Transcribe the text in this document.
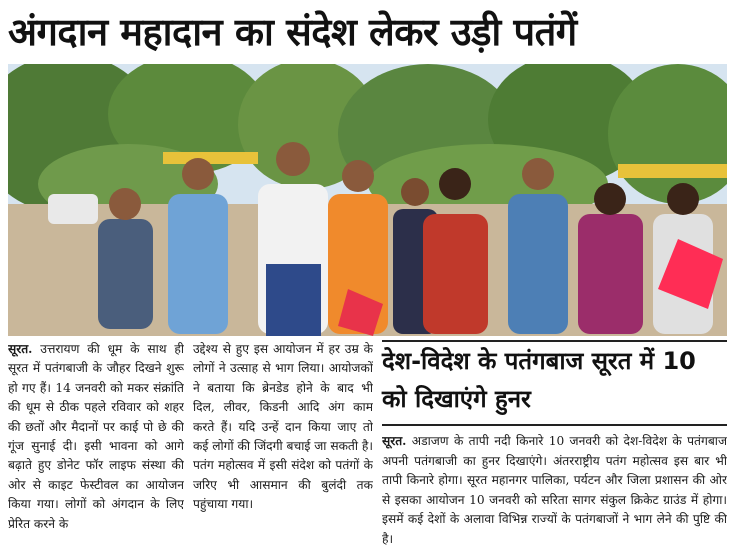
अंगदान महादान का संदेश लेकर उड़ी पतंगें
सूरत. उत्तरायण की धूम के साथ ही सूरत में पतंगबाजी के जौहर दिखने शुरू हो गए हैं। 14 जनवरी को मकर संक्रांति की धूम से ठीक पहले रविवार को शहर की छतों और मैदानों पर काई पो छे की गूंज सुनाई दी। इसी भावना को आगे बढ़ाते हुए डोनेट फॉर लाइफ संस्था की ओर से काइट फेस्टीवल का आयोजन किया गया। लोगों को अंगदान के लिए प्रेरित करने के
उद्देश्य से हुए इस आयोजन में हर उम्र के लोगों ने उत्साह से भाग लिया। आयोजकों ने बताया कि ब्रेनडेड होने के बाद भी दिल, लीवर, किडनी आदि अंग काम करते हैं। यदि उन्हें दान किया जाए तो कई लोगों की जिंदगी बचाई जा सकती है। पतंग महोत्सव में इसी संदेश को पतंगों के जरिए भी आसमान की बुलंदी तक पहुंचाया गया।
देश-विदेश के पतंगबाज सूरत में 10 को दिखाएंगे हुनर
सूरत. अडाजण के तापी नदी किनारे 10 जनवरी को देश-विदेश के पतंगबाज अपनी पतंगबाजी का हुनर दिखाएंगे। अंतरराष्ट्रीय पतंग महोत्सव इस बार भी तापी किनारे होगा। सूरत महानगर पालिका, पर्यटन और जिला प्रशासन की ओर से इसका आयोजन 10 जनवरी को सरिता सागर संकुल क्रिकेट ग्राउंड में होगा। इसमें कई देशों के अलावा विभिन्न राज्यों के पतंगबाजों ने भाग लेने की पुष्टि की है।
